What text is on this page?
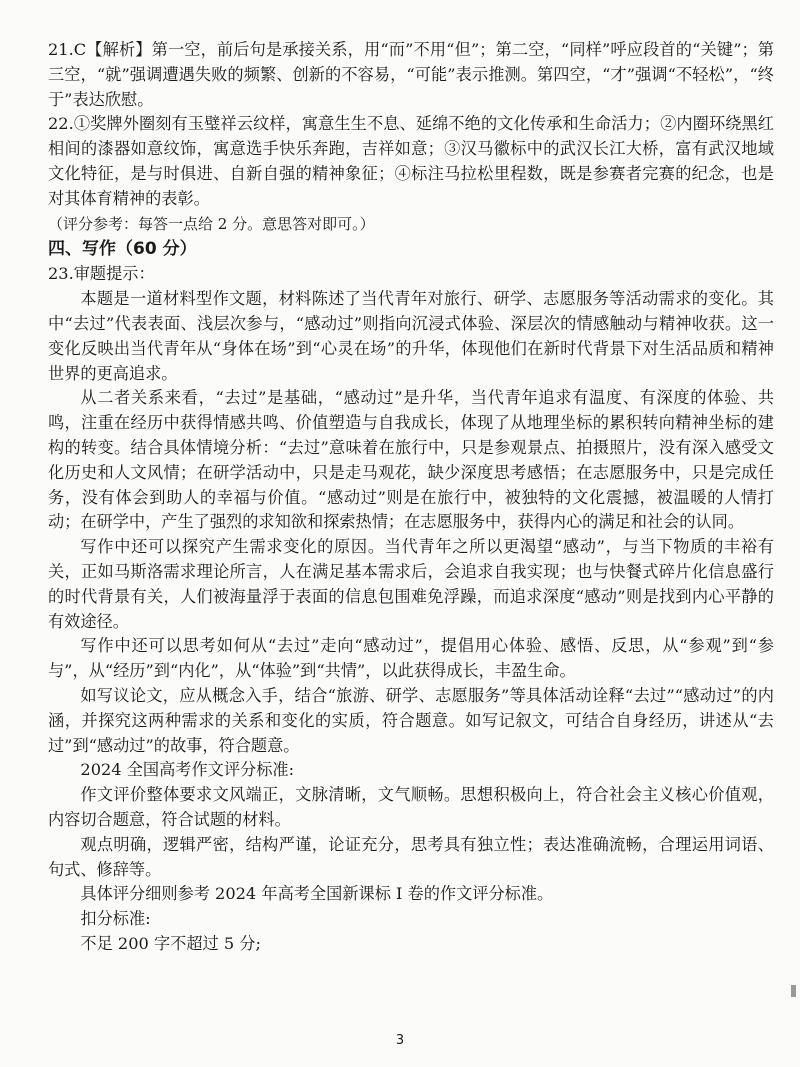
21.C【解析】第一空，前后句是承接关系，用“而”不用“但”；第二空，“同样”呼应段首的“关键”；第三空，“就”强调遭遇失败的频繁、创新的不容易，“可能”表示推测。第四空，“才”强调“不轻松”，“终于”表达欣慰。

22.①奖牌外圈刻有玉璧祥云纹样，寓意生生不息、延绵不绝的文化传承和生命活力；②内圈环绕黑红相间的漆器如意纹饰，寓意选手快乐奔跑，吉祥如意；③汉马徽标中的武汉长江大桥，富有武汉地域文化特征，是与时俱进、自新自强的精神象征；④标注马拉松里程数，既是参赛者完赛的纪念，也是对其体育精神的表彰。

（评分参考：每答一点给 2 分。意思答对即可。）

四、写作（60 分）

23.审题提示：

本题是一道材料型作文题，材料陈述了当代青年对旅行、研学、志愿服务等活动需求的变化。其中“去过”代表表面、浅层次参与，“感动过”则指向沉浸式体验、深层次的情感触动与精神收获。这一变化反映出当代青年从“身体在场”到“心灵在场”的升华，体现他们在新时代背景下对生活品质和精神世界的更高追求。

从二者关系来看，“去过”是基础，“感动过”是升华，当代青年追求有温度、有深度的体验、共鸣，注重在经历中获得情感共鸣、价值塑造与自我成长，体现了从地理坐标的累积转向精神坐标的建构的转变。结合具体情境分析：“去过”意味着在旅行中，只是参观景点、拍摄照片，没有深入感受文化历史和人文风情；在研学活动中，只是走马观花，缺少深度思考感悟；在志愿服务中，只是完成任务，没有体会到助人的幸福与价值。“感动过”则是在旅行中，被独特的文化震撼，被温暖的人情打动；在研学中，产生了强烈的求知欲和探索热情；在志愿服务中，获得内心的满足和社会的认同。

写作中还可以探究产生需求变化的原因。当代青年之所以更渴望“感动”，与当下物质的丰裕有关，正如马斯洛需求理论所言，人在满足基本需求后，会追求自我实现；也与快餐式碎片化信息盛行的时代背景有关，人们被海量浮于表面的信息包围难免浮躁，而追求深度“感动”则是找到内心平静的有效途径。

写作中还可以思考如何从“去过”走向“感动过”，提倡用心体验、感悟、反思，从“参观”到“参与”，从“经历”到“内化”，从“体验”到“共情”，以此获得成长，丰盈生命。

如写议论文，应从概念入手，结合“旅游、研学、志愿服务”等具体活动诠释“去过”“感动过”的内涵，并探究这两种需求的关系和变化的实质，符合题意。如写记叙文，可结合自身经历，讲述从“去过”到“感动过”的故事，符合题意。

2024 全国高考作文评分标准:

作文评价整体要求文风端正，文脉清晰，文气顺畅。思想积极向上，符合社会主义核心价值观，内容切合题意，符合试题的材料。

观点明确，逻辑严密，结构严谨，论证充分，思考具有独立性；表达准确流畅，合理运用词语、句式、修辞等。

具体评分细则参考 2024 年高考全国新课标 Ⅰ 卷的作文评分标准。

扣分标准:

不足 200 字不超过 5 分;

3
